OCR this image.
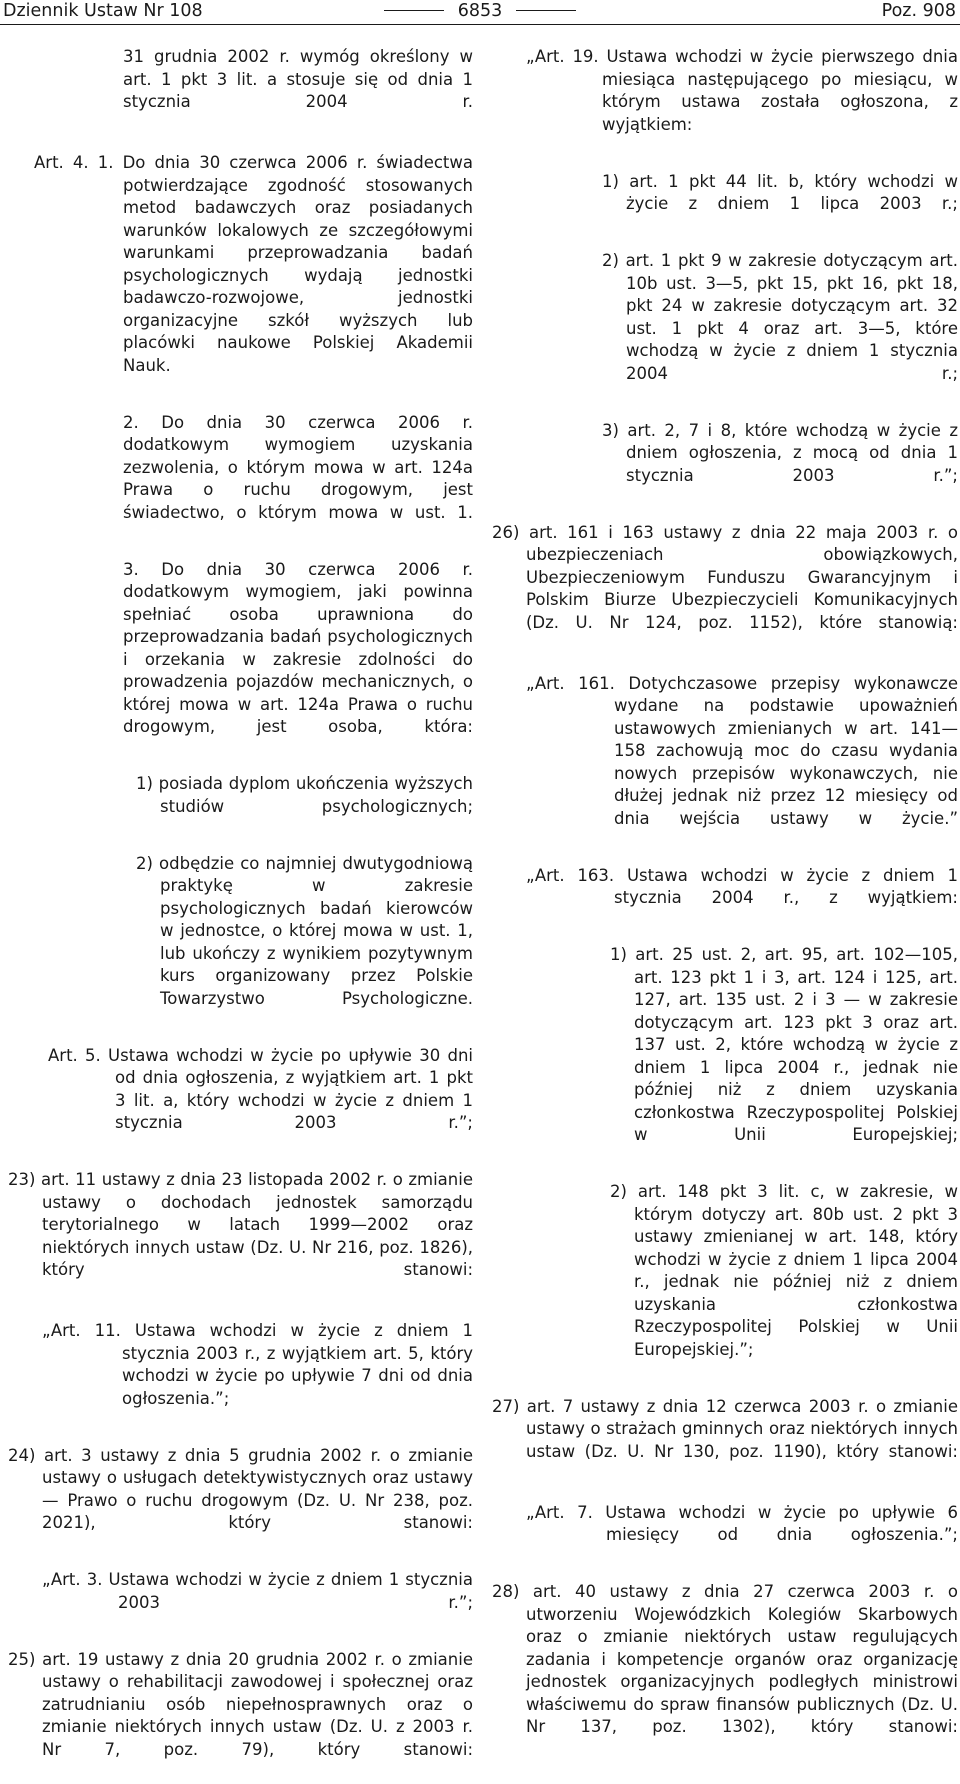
Dziennik Ustaw Nr 108	6853	Poz. 908

31 grudnia 2002 r. wymóg określony w art. 1 pkt 3 lit. a stosuje się od dnia 1 stycznia 2004 r.

Art. 4. 1. Do dnia 30 czerwca 2006 r. świadectwa potwierdzające zgodność stosowanych metod badawczych oraz posiadanych warunków lokalowych ze szczegółowymi warunkami przeprowadzania badań psychologicznych wydają jednostki badawczo-rozwojowe, jednostki organizacyjne szkół wyższych lub placówki naukowe Polskiej Akademii Nauk.

2. Do dnia 30 czerwca 2006 r. dodatkowym wymogiem uzyskania zezwolenia, o którym mowa w art. 124a Prawa o ruchu drogowym, jest świadectwo, o którym mowa w ust. 1.

3. Do dnia 30 czerwca 2006 r. dodatkowym wymogiem, jaki powinna spełniać osoba uprawniona do przeprowadzania badań psychologicznych i orzekania w zakresie zdolności do prowadzenia pojazdów mechanicznych, o której mowa w art. 124a Prawa o ruchu drogowym, jest osoba, która:

1) posiada dyplom ukończenia wyższych studiów psychologicznych;

2) odbędzie co najmniej dwutygodniową praktykę w zakresie psychologicznych badań kierowców w jednostce, o której mowa w ust. 1, lub ukończy z wynikiem pozytywnym kurs organizowany przez Polskie Towarzystwo Psychologiczne.

Art. 5. Ustawa wchodzi w życie po upływie 30 dni od dnia ogłoszenia, z wyjątkiem art. 1 pkt 3 lit. a, który wchodzi w życie z dniem 1 stycznia 2003 r.”;

23) art. 11 ustawy z dnia 23 listopada 2002 r. o zmianie ustawy o dochodach jednostek samorządu terytorialnego w latach 1999—2002 oraz niektórych innych ustaw (Dz. U. Nr 216, poz. 1826), który stanowi:

„Art. 11. Ustawa wchodzi w życie z dniem 1 stycznia 2003 r., z wyjątkiem art. 5, który wchodzi w życie po upływie 7 dni od dnia ogłoszenia.”;

24) art. 3 ustawy z dnia 5 grudnia 2002 r. o zmianie ustawy o usługach detektywistycznych oraz ustawy — Prawo o ruchu drogowym (Dz. U. Nr 238, poz. 2021), który stanowi:

„Art. 3. Ustawa wchodzi w życie z dniem 1 stycznia 2003 r.”;

25) art. 19 ustawy z dnia 20 grudnia 2002 r. o zmianie ustawy o rehabilitacji zawodowej i społecznej oraz zatrudnianiu osób niepełnosprawnych oraz o zmianie niektórych innych ustaw (Dz. U. z 2003 r. Nr 7, poz. 79), który stanowi:

„Art. 19. Ustawa wchodzi w życie pierwszego dnia miesiąca następującego po miesiącu, w którym ustawa została ogłoszona, z wyjątkiem:

1) art. 1 pkt 44 lit. b, który wchodzi w życie z dniem 1 lipca 2003 r.;

2) art. 1 pkt 9 w zakresie dotyczącym art. 10b ust. 3—5, pkt 15, pkt 16, pkt 18, pkt 24 w zakresie dotyczącym art. 32 ust. 1 pkt 4 oraz art. 3—5, które wchodzą w życie z dniem 1 stycznia 2004 r.;

3) art. 2, 7 i 8, które wchodzą w życie z dniem ogłoszenia, z mocą od dnia 1 stycznia 2003 r.”;

26) art. 161 i 163 ustawy z dnia 22 maja 2003 r. o ubezpieczeniach obowiązkowych, Ubezpieczeniowym Funduszu Gwarancyjnym i Polskim Biurze Ubezpieczycieli Komunikacyjnych (Dz. U. Nr 124, poz. 1152), które stanowią:

„Art. 161. Dotychczasowe przepisy wykonawcze wydane na podstawie upoważnień ustawowych zmienianych w art. 141—158 zachowują moc do czasu wydania nowych przepisów wykonawczych, nie dłużej jednak niż przez 12 miesięcy od dnia wejścia ustawy w życie.”

„Art. 163. Ustawa wchodzi w życie z dniem 1 stycznia 2004 r., z wyjątkiem:

1) art. 25 ust. 2, art. 95, art. 102—105, art. 123 pkt 1 i 3, art. 124 i 125, art. 127, art. 135 ust. 2 i 3 — w zakresie dotyczącym art. 123 pkt 3 oraz art. 137 ust. 2, które wchodzą w życie z dniem 1 lipca 2004 r., jednak nie później niż z dniem uzyskania członkostwa Rzeczypospolitej Polskiej w Unii Europejskiej;

2) art. 148 pkt 3 lit. c, w zakresie, w którym dotyczy art. 80b ust. 2 pkt 3 ustawy zmienianej w art. 148, który wchodzi w życie z dniem 1 lipca 2004 r., jednak nie później niż z dniem uzyskania członkostwa Rzeczypospolitej Polskiej w Unii Europejskiej.”;

27) art. 7 ustawy z dnia 12 czerwca 2003 r. o zmianie ustawy o strażach gminnych oraz niektórych innych ustaw (Dz. U. Nr 130, poz. 1190), który stanowi:

„Art. 7. Ustawa wchodzi w życie po upływie 6 miesięcy od dnia ogłoszenia.”;

28) art. 40 ustawy z dnia 27 czerwca 2003 r. o utworzeniu Wojewódzkich Kolegiów Skarbowych oraz o zmianie niektórych ustaw regulujących zadania i kompetencje organów oraz organizację jednostek organizacyjnych podległych ministrowi właściwemu do spraw finansów publicznych (Dz. U. Nr 137, poz. 1302), który stanowi:
